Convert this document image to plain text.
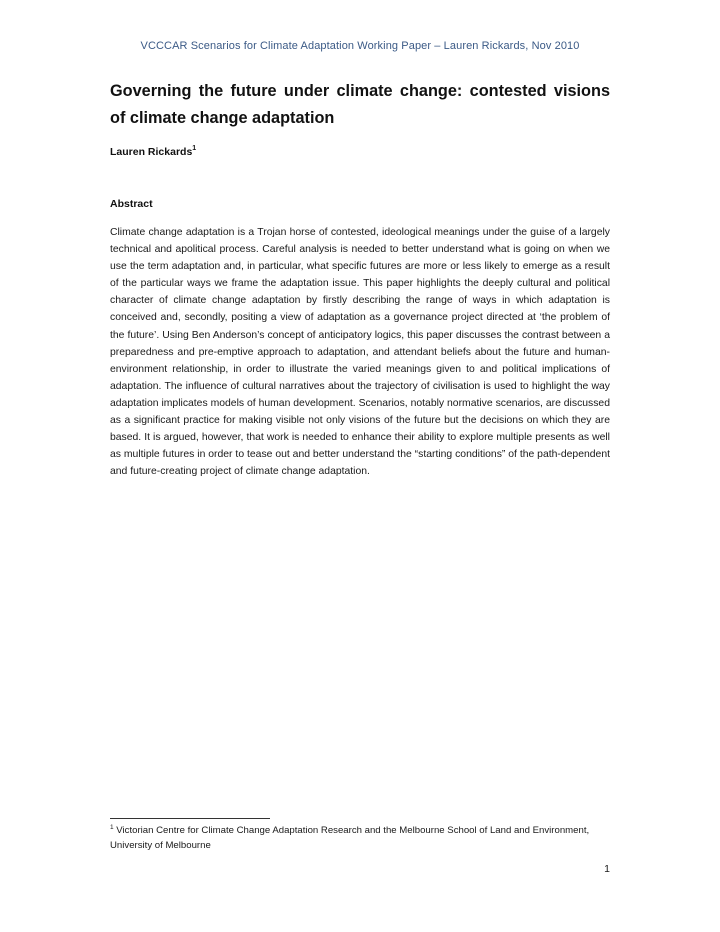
VCCCAR Scenarios for Climate Adaptation Working Paper – Lauren Rickards, Nov 2010
Governing the future under climate change: contested visions of climate change adaptation
Lauren Rickards$^1$
Abstract

Climate change adaptation is a Trojan horse of contested, ideological meanings under the guise of a largely technical and apolitical process. Careful analysis is needed to better understand what is going on when we use the term adaptation and, in particular, what specific futures are more or less likely to emerge as a result of the particular ways we frame the adaptation issue. This paper highlights the deeply cultural and political character of climate change adaptation by firstly describing the range of ways in which adaptation is conceived and, secondly, positing a view of adaptation as a governance project directed at ‘the problem of the future’. Using Ben Anderson’s concept of anticipatory logics, this paper discusses the contrast between a preparedness and pre-emptive approach to adaptation, and attendant beliefs about the future and human-environment relationship, in order to illustrate the varied meanings given to and political implications of adaptation. The influence of cultural narratives about the trajectory of civilisation is used to highlight the way adaptation implicates models of human development. Scenarios, notably normative scenarios, are discussed as a significant practice for making visible not only visions of the future but the decisions on which they are based. It is argued, however, that work is needed to enhance their ability to explore multiple presents as well as multiple futures in order to tease out and better understand the “starting conditions” of the path-dependent and future-creating project of climate change adaptation.

$^1$ Victorian Centre for Climate Change Adaptation Research and the Melbourne School of Land and Environment, University of Melbourne

1
